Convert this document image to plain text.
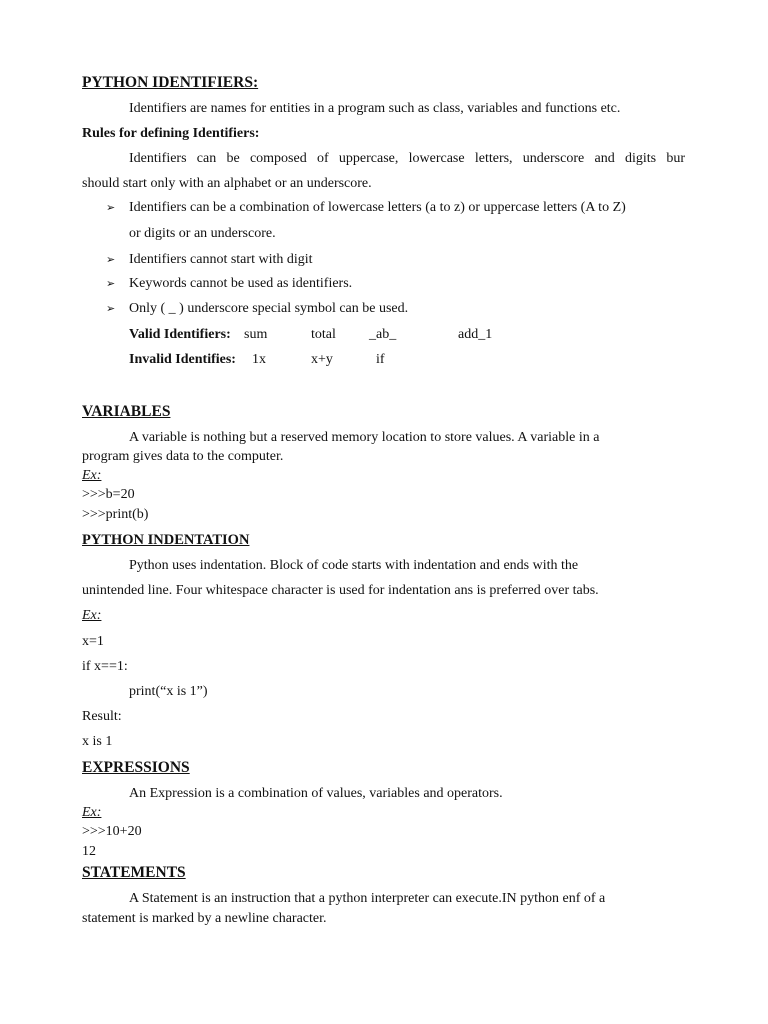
PYTHON IDENTIFIERS:
Identifiers are names for entities in a program such as class, variables and functions etc.
Rules for defining Identifiers:
Identifiers can be composed of uppercase, lowercase letters, underscore and digits bur
should start only with an alphabet or an underscore.
➢ Identifiers can be a combination of lowercase letters (a to z) or uppercase letters (A to Z)
or digits or an underscore.
➢ Identifiers cannot start with digit
➢ Keywords cannot be used as identifiers.
➢ Only ( _ ) underscore special symbol can be used.
Valid Identifiers: sum	total _ab_	add_1
Invalid Identifies: 1x	x+y	if
VARIABLES
A variable is nothing but a reserved memory location to store values. A variable in a
program gives data to the computer.
Ex:
>>>b=20
>>>print(b)
PYTHON INDENTATION
Python uses indentation. Block of code starts with indentation and ends with the
unintended line. Four whitespace character is used for indentation ans is preferred over tabs.
Ex:
x=1
if x==1:
print(“x is 1”)
Result:
x is 1
EXPRESSIONS
An Expression is a combination of values, variables and operators.
Ex:
>>>10+20
12
STATEMENTS
A Statement is an instruction that a python interpreter can execute.IN python enf of a
statement is marked by a newline character.
